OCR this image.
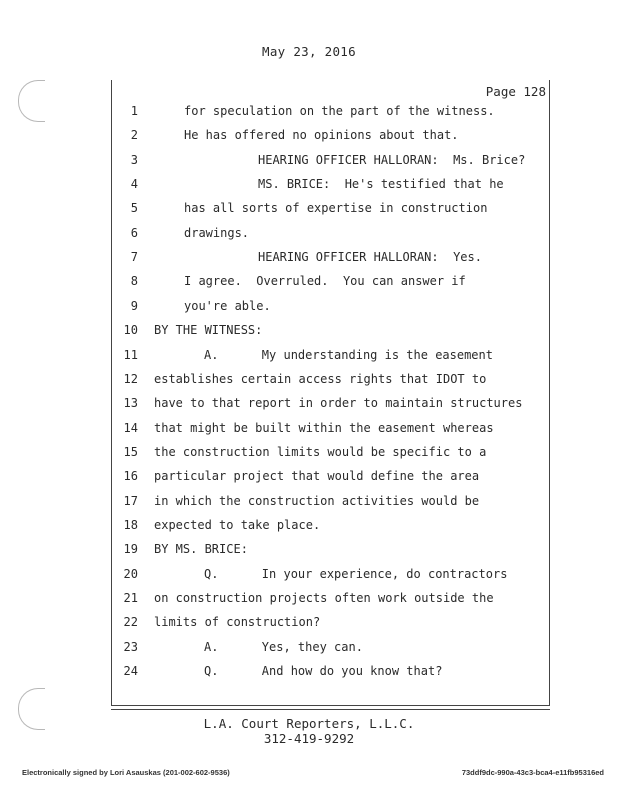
May 23, 2016
Page 128
1	for speculation on the part of the witness.
2	He has offered no opinions about that.
3	HEARING OFFICER HALLORAN:  Ms. Brice?
4	MS. BRICE:  He's testified that he
5	has all sorts of expertise in construction
6	drawings.
7	HEARING OFFICER HALLORAN:  Yes.
8	I agree.  Overruled.  You can answer if
9	you're able.
10 BY THE WITNESS:
11	A.      My understanding is the easement
12 establishes certain access rights that IDOT to
13 have to that report in order to maintain structures
14 that might be built within the easement whereas
15 the construction limits would be specific to a
16 particular project that would define the area
17 in which the construction activities would be
18 expected to take place.
19 BY MS. BRICE:
20	Q.      In your experience, do contractors
21 on construction projects often work outside the
22 limits of construction?
23	A.      Yes, they can.
24	Q.      And how do you know that?
L.A. Court Reporters, L.L.C.
312-419-9292
Electronically signed by Lori Asauskas (201-002-602-9536)	73ddf9dc-990a-43c3-bca4-e11fb95316ed
